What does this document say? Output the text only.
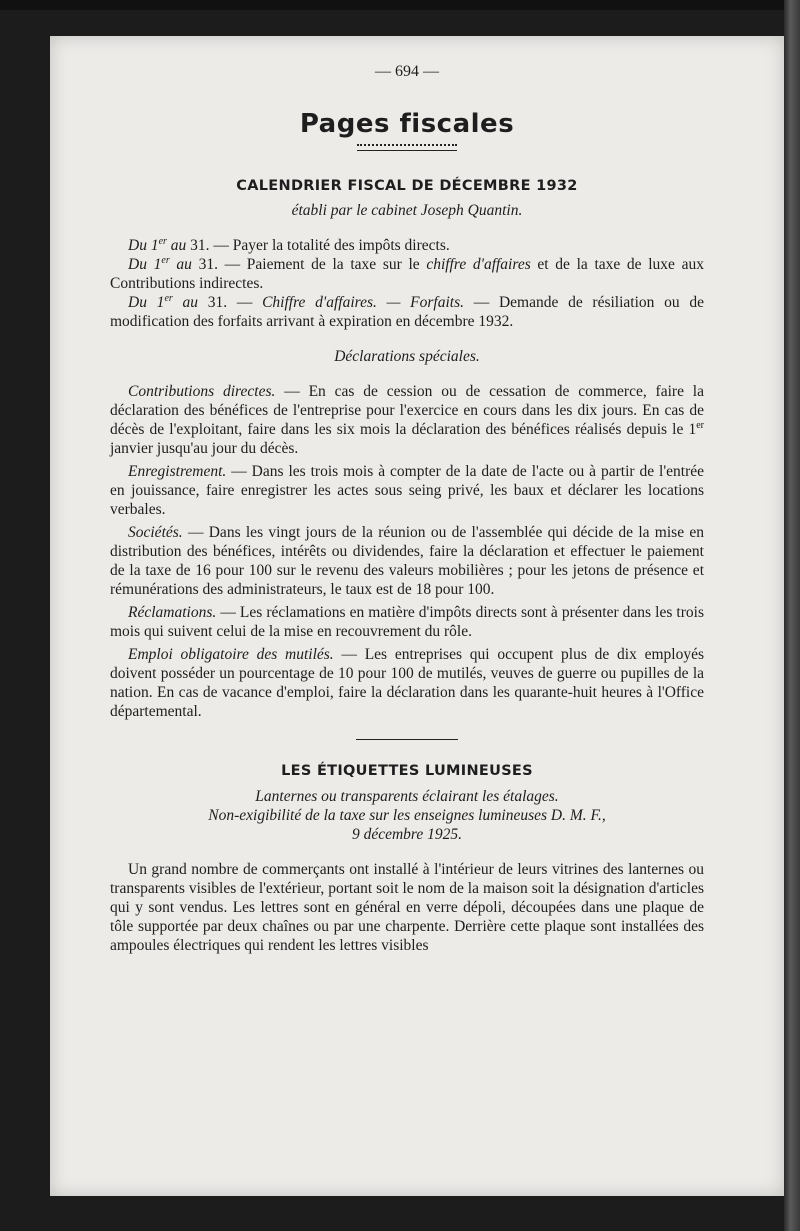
— 694 —
Pages fiscales
CALENDRIER FISCAL DE DÉCEMBRE 1932
établi par le cabinet Joseph Quantin.

Du 1er au 31. — Payer la totalité des impôts directs.

Du 1er au 31. — Paiement de la taxe sur le chiffre d'affaires et de la taxe de luxe aux Contributions indirectes.

Du 1er au 31. — Chiffre d'affaires. — Forfaits. — Demande de résiliation ou de modification des forfaits arrivant à expiration en décembre 1932.

Déclarations spéciales.

Contributions directes. — En cas de cession ou de cessation de commerce, faire la déclaration des bénéfices de l'entreprise pour l'exercice en cours dans les dix jours. En cas de décès de l'exploitant, faire dans les six mois la déclaration des bénéfices réalisés depuis le 1er janvier jusqu'au jour du décès.

Enregistrement. — Dans les trois mois à compter de la date de l'acte ou à partir de l'entrée en jouissance, faire enregistrer les actes sous seing privé, les baux et déclarer les locations verbales.

Sociétés. — Dans les vingt jours de la réunion ou de l'assemblée qui décide de la mise en distribution des bénéfices, intérêts ou dividendes, faire la déclaration et effectuer le paiement de la taxe de 16 pour 100 sur le revenu des valeurs mobilières ; pour les jetons de présence et rémunérations des administrateurs, le taux est de 18 pour 100.

Réclamations. — Les réclamations en matière d'impôts directs sont à présenter dans les trois mois qui suivent celui de la mise en recouvrement du rôle.

Emploi obligatoire des mutilés. — Les entreprises qui occupent plus de dix employés doivent posséder un pourcentage de 10 pour 100 de mutilés, veuves de guerre ou pupilles de la nation. En cas de vacance d'emploi, faire la déclaration dans les quarante-huit heures à l'Office départemental.

LES ÉTIQUETTES LUMINEUSES

Lanternes ou transparents éclairant les étalages.

Non-exigibilité de la taxe sur les enseignes lumineuses D. M. F.,

9 décembre 1925.

Un grand nombre de commerçants ont installé à l'intérieur de leurs vitrines des lanternes ou transparents visibles de l'extérieur, portant soit le nom de la maison soit la désignation d'articles qui y sont vendus. Les lettres sont en général en verre dépoli, découpées dans une plaque de tôle supportée par deux chaînes ou par une charpente. Derrière cette plaque sont installées des ampoules électriques qui rendent les lettres visibles
